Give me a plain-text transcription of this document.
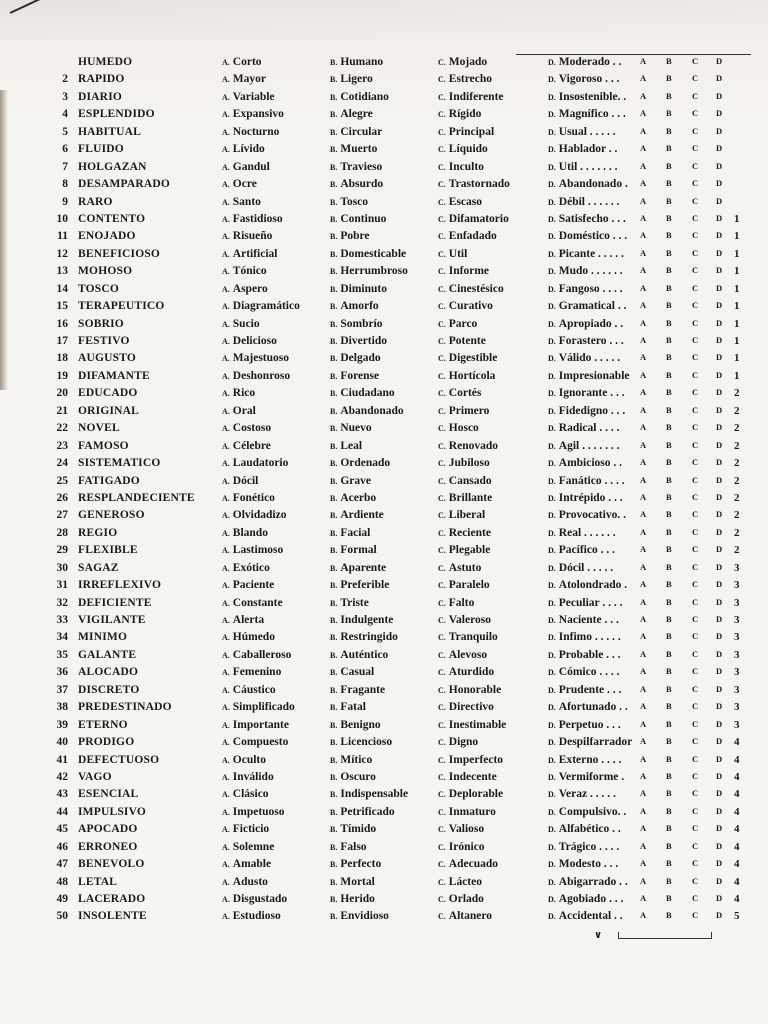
HUMEDO	A. Corto	B. Humano	C. Mojado	D. Moderado . . A B C D
2 RAPIDO	A. Mayor	B. Ligero	C. Estrecho	D. Vigoroso . . . A B C D
3 DIARIO	A. Variable	B. Cotidiano	C. Indiferente	D. Insostenible. . A B C D
4 ESPLENDIDO	A. Expansivo	B. Alegre	C. Rígido	D. Magnífico . . . A B C D
5 HABITUAL	A. Nocturno	B. Circular	C. Principal	D. Usual . . . . .	A B C D
6 FLUIDO	A. Lívido	B. Muerto	C. Líquido	D. Hablador . .	A B C D
7 HOLGAZAN	A. Gandul	B. Travieso	C. Inculto	D. Util . . . . . . .	A B C D
8 DESAMPARADO	A. Ocre	B. Absurdo	C. Trastornado	D. Abandonado . A B C D
9 RARO	A. Santo	B. Tosco	C. Escaso	D. Débil . . . . . . A B C D
10 CONTENTO	A. Fastidioso	B. Continuo	C. Difamatorio	D. Satisfecho . . . A B C D 1
11 ENOJADO	A. Risueño	B. Pobre	C. Enfadado	D. Doméstico . . . A B C D 1
12 BENEFICIOSO	A. Artificial	B. Domesticable	C. Util	D. Picante . . . . . A B C D 1
13 MOHOSO	A. Tónico	B. Herrumbroso	C. Informe	D. Mudo . . . . . . A B C D 1
14 TOSCO	A. Aspero	B. Diminuto	C. Cinestésico	D. Fangoso . . . . A B C D 1
15 TERAPEUTICO	A. Diagramático	B. Amorfo	C. Curativo	D. Gramatical . . A B C D 1
16 SOBRIO	A. Sucio	B. Sombrío	C. Parco	D. Apropiado . . A B C D 1
17 FESTIVO	A. Delicioso	B. Divertido	C. Potente	D. Forastero . . . A B C D 1
18 AUGUSTO	A. Majestuoso	B. Delgado	C. Digestible	D. Válido . . . . . A B C D 1
19 DIFAMANTE	A. Deshonroso	B. Forense	C. Hortícola	D. Impresionable A B C D 1
20 EDUCADO	A. Rico	B. Ciudadano	C. Cortés	D. Ignorante . . . A B C D 2
21 ORIGINAL	A. Oral	B. Abandonado	C. Primero	D. Fidedigno . . . A B C D 2
22 NOVEL	A. Costoso	B. Nuevo	C. Hosco	D. Radical . . . . A B C D 2
23 FAMOSO	A. Célebre	B. Leal	C. Renovado	D. Agil . . . . . . . A B C D 2
24 SISTEMATICO	A. Laudatorio	B. Ordenado	C. Jubiloso	D. Ambicioso . . A B C D 2
25 FATIGADO	A. Dócil	B. Grave	C. Cansado	D. Fanático . . . . A B C D 2
26 RESPLANDECIENTE	A. Fonético	B. Acerbo	C. Brillante	D. Intrépido . . . A B C D 2
27 GENEROSO	A. Olvidadizo	B. Ardiente	C. Liberal	D. Provocativo. . A B C D 2
28 REGIO	A. Blando	B. Facial	C. Reciente	D. Real . . . . . .	A B C D 2
29 FLEXIBLE	A. Lastimoso	B. Formal	C. Plegable	D. Pacífico . . .	A B C D 2
30 SAGAZ	A. Exótico	B. Aparente	C. Astuto	D. Dócil . . . . .	A B C D 3
31 IRREFLEXIVO	A. Paciente	B. Preferible	C. Paralelo	D. Atolondrado . A B C D 3
32 DEFICIENTE	A. Constante	B. Triste	C. Falto	D. Peculiar . . . . A B C D 3
33 VIGILANTE	A. Alerta	B. Indulgente	C. Valeroso	D. Naciente . . . A B C D 3
34 MINIMO	A. Húmedo	B. Restringido	C. Tranquilo	D. Infimo . . . . . A B C D 3
35 GALANTE	A. Caballeroso	B. Auténtico	C. Alevoso	D. Probable . . . A B C D 3
36 ALOCADO	A. Femenino	B. Casual	C. Aturdido	D. Cómico . . . . A B C D 3
37 DISCRETO	A. Cáustico	B. Fragante	C. Honorable	D. Prudente . . . A B C D 3
38 PREDESTINADO	A. Simplificado	B. Fatal	C. Directivo	D. Afortunado . . A B C D 3
39 ETERNO	A. Importante	B. Benigno	C. Inestimable	D. Perpetuo . . . A B C D 3
40 PRODIGO	A. Compuesto	B. Licencioso	C. Digno	D. Despilfarrador A B C D 4
41 DEFECTUOSO	A. Oculto	B. Mítico	C. Imperfecto	D. Externo . . . . A B C D 4
42 VAGO	A. Inválido	B. Oscuro	C. Indecente	D. Vermiforme . A B C D 4
43 ESENCIAL	A. Clásico	B. Indispensable	C. Deplorable	D. Veraz . . . . .	A B C D 4
44 IMPULSIVO	A. Impetuoso	B. Petrificado	C. Inmaturo	D. Compulsivo. . A B C D 4
45 APOCADO	A. Ficticio	B. Tímido	C. Valioso	D. Alfabético . . A B C D 4
46 ERRONEO	A. Solemne	B. Falso	C. Irónico	D. Trágico . . . . A B C D 4
47 BENEVOLO	A. Amable	B. Perfecto	C. Adecuado	D. Modesto . . .	A B C D 4
48 LETAL	A. Adusto	B. Mortal	C. Lácteo	D. Abigarrado . . A B C D 4
49 LACERADO	A. Disgustado	B. Herido	C. Orlado	D. Agobiado . . . A B C D 4
50 INSOLENTE	A. Estudioso	B. Envidioso	C. Altanero	D. Accidental . . A B C D 5
∨
